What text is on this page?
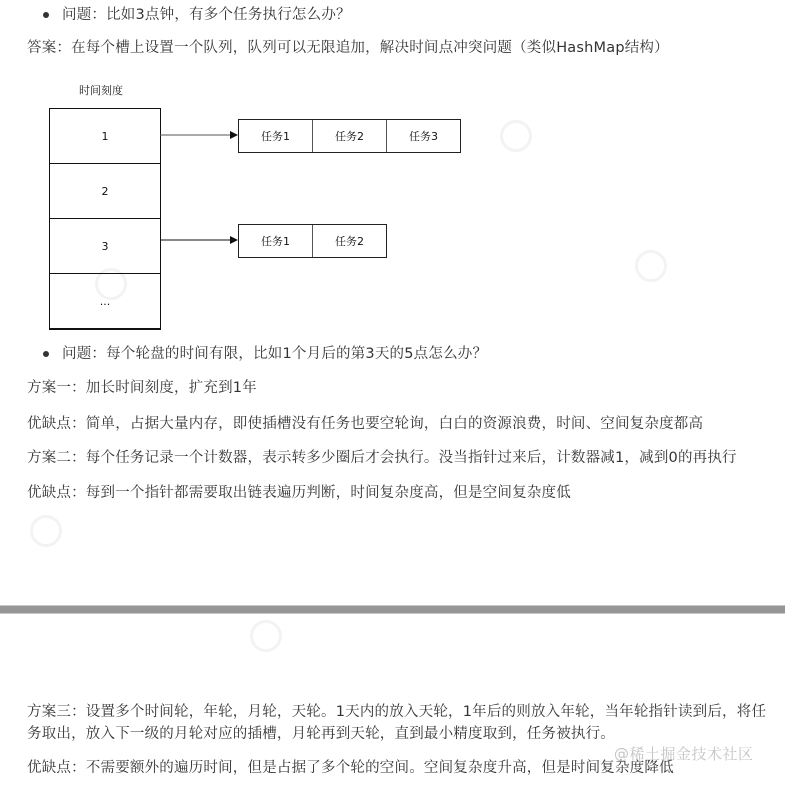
问题：比如3点钟，有多个任务执行怎么办？
答案：在每个槽上设置一个队列，队列可以无限追加，解决时间点冲突问题（类似HashMap结构）
时间刻度
1
2
3
...
任务1	任务2	任务3
任务1	任务2
问题：每个轮盘的时间有限，比如1个月后的第3天的5点怎么办？
方案一：加长时间刻度，扩充到1年
优缺点：简单，占据大量内存，即使插槽没有任务也要空轮询，白白的资源浪费，时间、空间复杂度都高
方案二：每个任务记录一个计数器，表示转多少圈后才会执行。没当指针过来后，计数器减1，减到0的再执行
优缺点：每到一个指针都需要取出链表遍历判断，时间复杂度高，但是空间复杂度低
方案三：设置多个时间轮，年轮，月轮，天轮。1天内的放入天轮，1年后的则放入年轮，当年轮指针读到后，将任务取出，放入下一级的月轮对应的插槽，月轮再到天轮，直到最小精度取到，任务被执行。
优缺点：不需要额外的遍历时间，但是占据了多个轮的空间。空间复杂度升高，但是时间复杂度降低
@稀土掘金技术社区
